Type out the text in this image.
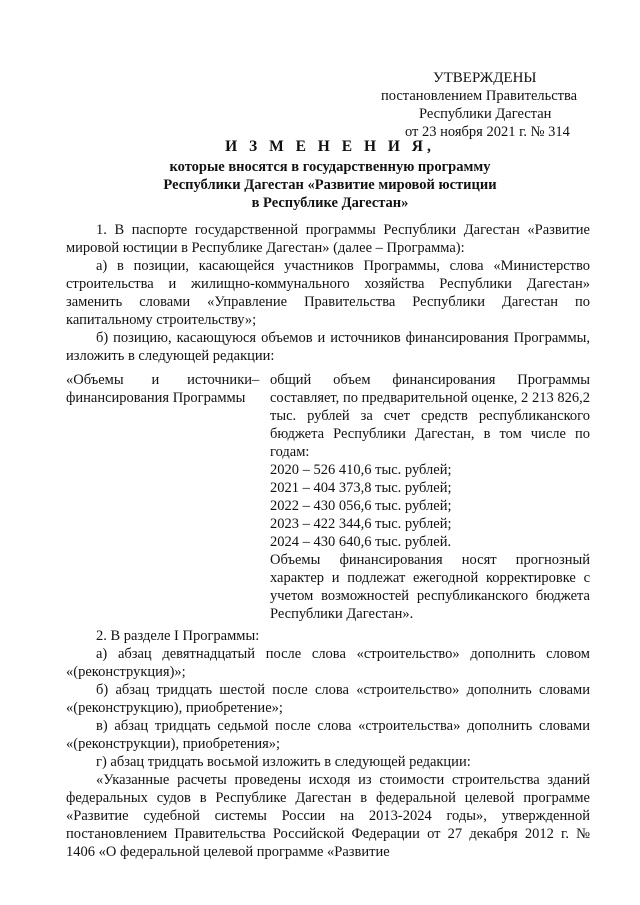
УТВЕРЖДЕНЫ
постановлением Правительства
Республики Дагестан
от 23 ноября 2021 г. № 314
И З М Е Н Е Н И Я,
которые вносятся в государственную программу
Республики Дагестан «Развитие мировой юстиции
в Республике Дагестан»

1. В паспорте государственной программы Республики Дагестан «Развитие мировой юстиции в Республике Дагестан» (далее – Программа):

а) в позиции, касающейся участников Программы, слова «Министерство строительства и жилищно-коммунального хозяйства Республики Дагестан» заменить словами «Управление Правительства Республики Дагестан по капитальному строительству»;

б) позицию, касающуюся объемов и источников финансирования Программы, изложить в следующей редакции:

«Объемы и источники финансирования Программы
– общий объем финансирования Программы составляет, по предварительной оценке, 2 213 826,2 тыс. рублей за счет средств республиканского бюджета Республики Дагестан, в том числе по годам:

2020 – 526 410,6 тыс. рублей;

2021 – 404 373,8 тыс. рублей;

2022 – 430 056,6 тыс. рублей;

2023 – 422 344,6 тыс. рублей;

2024 – 430 640,6 тыс. рублей.

Объемы финансирования носят прогнозный характер и подлежат ежегодной корректировке с учетом возможностей республиканского бюджета Республики Дагестан».

2. В разделе I Программы:

а) абзац девятнадцатый после слова «строительство» дополнить словом «(реконструкция)»;

б) абзац тридцать шестой после слова «строительство» дополнить словами «(реконструкцию), приобретение»;

в) абзац тридцать седьмой после слова «строительства» дополнить словами «(реконструкции), приобретения»;

г) абзац тридцать восьмой изложить в следующей редакции:

«Указанные расчеты проведены исходя из стоимости строительства зданий федеральных судов в Республике Дагестан в федеральной целевой программе «Развитие судебной системы России на 2013-2024 годы», утвержденной постановлением Правительства Российской Федерации от 27 декабря 2012 г. № 1406 «О федеральной целевой программе «Развитие
